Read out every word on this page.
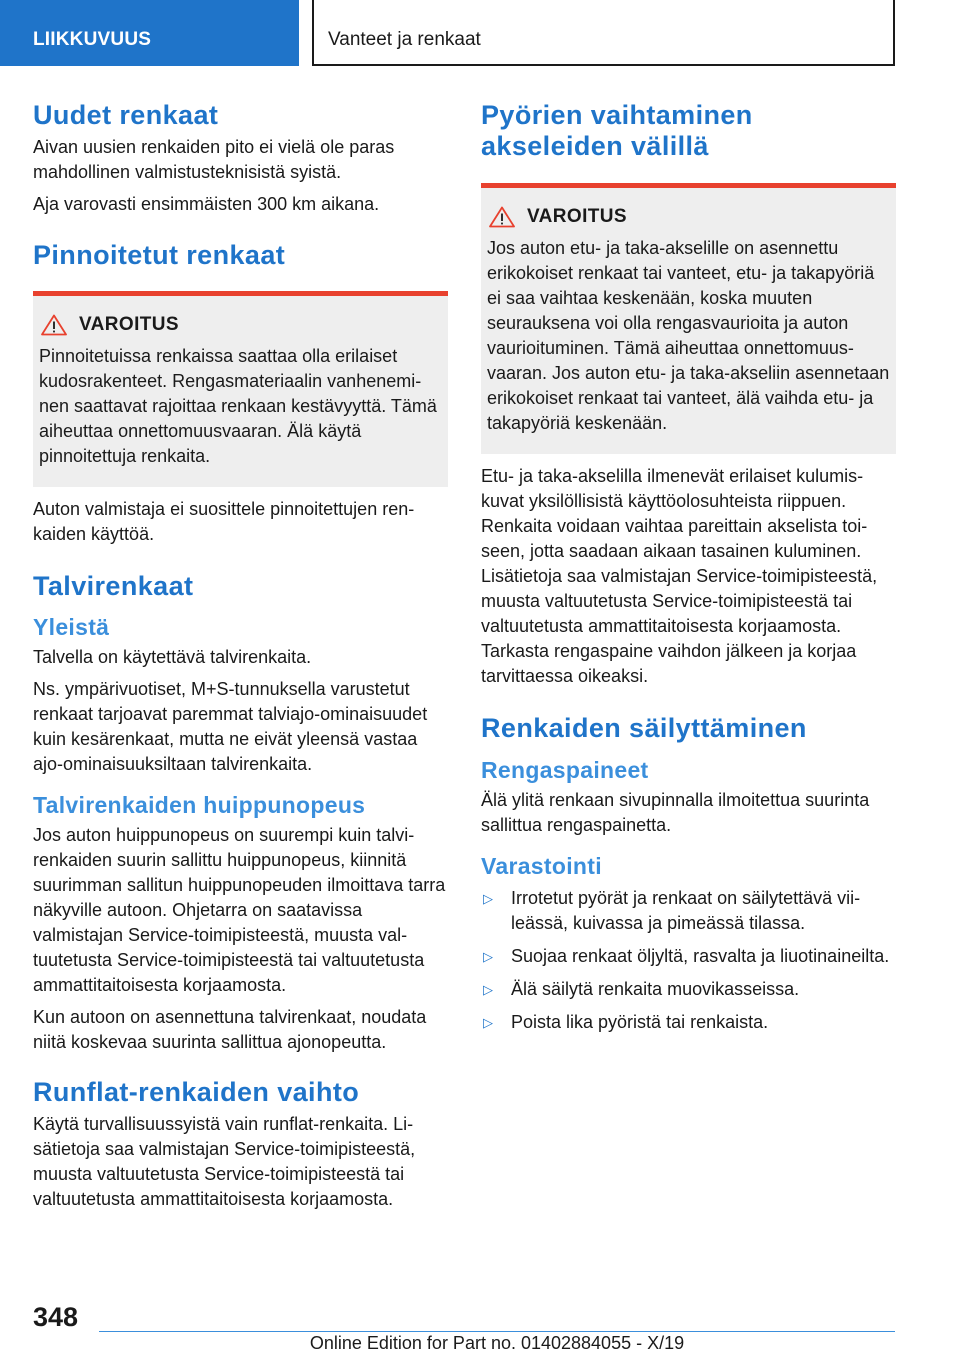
LIIKKUVUUS	Vanteet ja renkaat
Uudet renkaat

Aivan uusien renkaiden pito ei vielä ole paras mahdollinen valmistusteknisistä syistä.

Aja varovasti ensimmäisten 300 km aikana.

Pinnoitetut renkaat
VAROITUS

Pinnoitetuissa renkaissa saattaa olla erilaiset kudosrakenteet. Rengasmateriaalin vanheneminen saattavat rajoittaa renkaan kestävyyttä. Tämä aiheuttaa onnettomuusvaaran. Älä käytä pinnoitettuja renkaita.

Auton valmistaja ei suosittele pinnoitettujen renkaiden käyttöä.

Talvirenkaat
Yleistä

Talvella on käytettävä talvirenkaita.

Ns. ympärivuotiset, M+S-tunnuksella varustetut renkaat tarjoavat paremmat talviajo-ominaisuudet kuin kesärenkaat, mutta ne eivät yleensä vastaa ajo-ominaisuuksiltaan talvirenkaita.

Talvirenkaiden huippunopeus

Jos auton huippunopeus on suurempi kuin talvirenkaiden suurin sallittu huippunopeus, kiinnitä suurimman sallitun huippunopeuden ilmoittava tarra näkyville autoon. Ohjetarra on saatavissa valmistajan Service-toimipisteestä, muusta valtuutetusta Service-toimipisteestä tai valtuutetusta ammattitaitoisesta korjaamosta.

Kun autoon on asennettuna talvirenkaat, noudata niitä koskevaa suurinta sallittua ajonopeutta.

Runflat-renkaiden vaihto

Käytä turvallisuussyistä vain runflat-renkaita. Lisätietoja saa valmistajan Service-toimipisteestä, muusta valtuutetusta Service-toimipisteestä tai valtuutetusta ammattitaitoisesta korjaamosta.

Pyörien vaihtaminen akseleiden välillä
VAROITUS

Jos auton etu- ja taka-akselille on asennettu erikokoiset renkaat tai vanteet, etu- ja takapyöriä ei saa vaihtaa keskenään, koska muuten seurauksena voi olla rengasvaurioita ja auton vaurioituminen. Tämä aiheuttaa onnettomuusvaaran. Jos auton etu- ja taka-akseliin asennetaan erikokoiset renkaat tai vanteet, älä vaihda etu- ja takapyöriä keskenään.

Etu- ja taka-akselilla ilmenevät erilaiset kulumiskuvat yksilöllisistä käyttöolosuhteista riippuen. Renkaita voidaan vaihtaa pareittain akselista toiseen, jotta saadaan aikaan tasainen kuluminen. Lisätietoja saa valmistajan Service-toimipisteestä, muusta valtuutetusta Service-toimipisteestä tai valtuutetusta ammattitaitoisesta korjaamosta. Tarkasta rengaspaine vaihdon jälkeen ja korjaa tarvittaessa oikeaksi.

Renkaiden säilyttäminen
Rengaspaineet

Älä ylitä renkaan sivupinnalla ilmoitettua suurinta sallittua rengaspainetta.

Varastointi
▷	Irrotetut pyörät ja renkaat on säilytettävä viileässä, kuivassa ja pimeässä tilassa.
▷	Suojaa renkaat öljyltä, rasvalta ja liuotinaineilta.
▷	Älä säilytä renkaita muovikasseissa.
▷	Poista lika pyöristä tai renkaista.
348
Online Edition for Part no. 01402884055 - X/19
